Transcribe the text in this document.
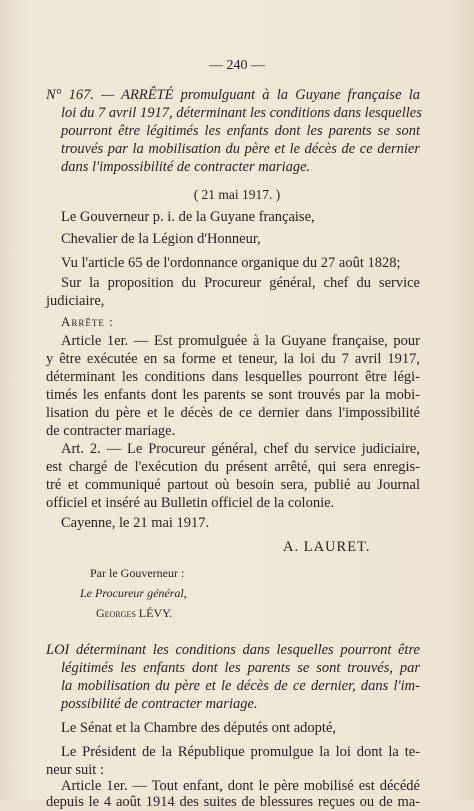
— 240 —
N° 167. — ARRÊTÉ promulguant à la Guyane française la
loi du 7 avril 1917, déterminant les conditions dans lesquelles
pourront être légitimés les enfants dont les parents se sont
trouvés par la mobilisation du père et le décès de ce dernier
dans l'impossibilité de contracter mariage.
( 21 mai 1917. )
Le Gouverneur p. i. de la Guyane française,
Chevalier de la Légion d'Honneur,
Vu l'article 65 de l'ordonnance organique du 27 août 1828;
Sur la proposition du Procureur général, chef du service
judiciaire,
Arrête :
Article 1er. — Est promulguée à la Guyane française, pour
y être exécutée en sa forme et teneur, la loi du 7 avril 1917,
déterminant les conditions dans lesquelles pourront être légi-
timés les enfants dont les parents se sont trouvés par la mobi-
lisation du père et le décès de ce dernier dans l'impossibilité
de contracter mariage.
Art. 2. — Le Procureur général, chef du service judiciaire,
est chargé de l'exécution du présent arrêté, qui sera enregis-
tré et communiqué partout où besoin sera, publié au Journal
officiel et inséré au Bulletin officiel de la colonie.
Cayenne, le 21 mai 1917.
A. LAURET.
Par le Gouverneur :
Le Procureur général,
Georges LÉVY.
LOI déterminant les conditions dans lesquelles pourront être
légitimés les enfants dont les parents se sont trouvés, par
la mobilisation du père et le décès de ce dernier, dans l'im-
possibilité de contracter mariage.
Le Sénat et la Chambre des députés ont adopté,
Le Président de la République promulgue la loi dont la te-
neur suit :
Article 1er. — Tout enfant, dont le père mobilisé est décédé
depuis le 4 août 1914 des suites de blessures reçues ou de ma-
